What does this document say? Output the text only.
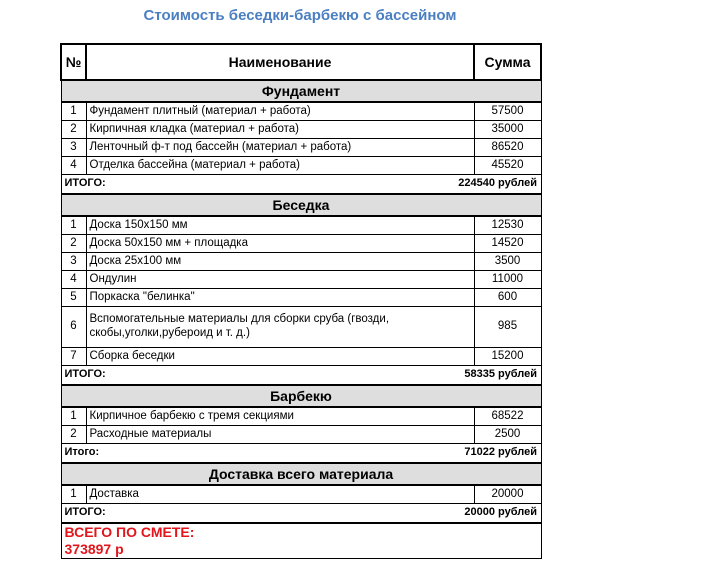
Стоимость беседки-барбекю с бассейном
№	Наименование	Сумма
Фундамент		
1	Фундамент плитный (материал + работа)	57500
2	Кирпичная кладка (материал + работа)	35000
3	Ленточный ф-т под бассейн (материал + работа)	86520
4	Отделка бассейна (материал + работа)	45520
ИТОГО:		224540 рублей
Беседка		
1	Доска 150х150 мм	12530
2	Доска 50х150 мм + площадка	14520
3	Доска 25х100 мм	3500
4	Ондулин	11000
5	Поркаска "белинка"	600
6	Вспомогательные материалы для сборки сруба (гвозди, скобы,уголки,рубероид и т. д.)	985
7	Сборка беседки	15200
ИТОГО:		58335 рублей
Барбекю		
1	Кирпичное барбекю с тремя секциями	68522
2	Расходные материалы	2500
Итого:		71022 рублей
Доставка всего материала		
1	Доставка	20000
ИТОГО:		20000 рублей
ВСЕГО ПО СМЕТЕ:  373897 р		
